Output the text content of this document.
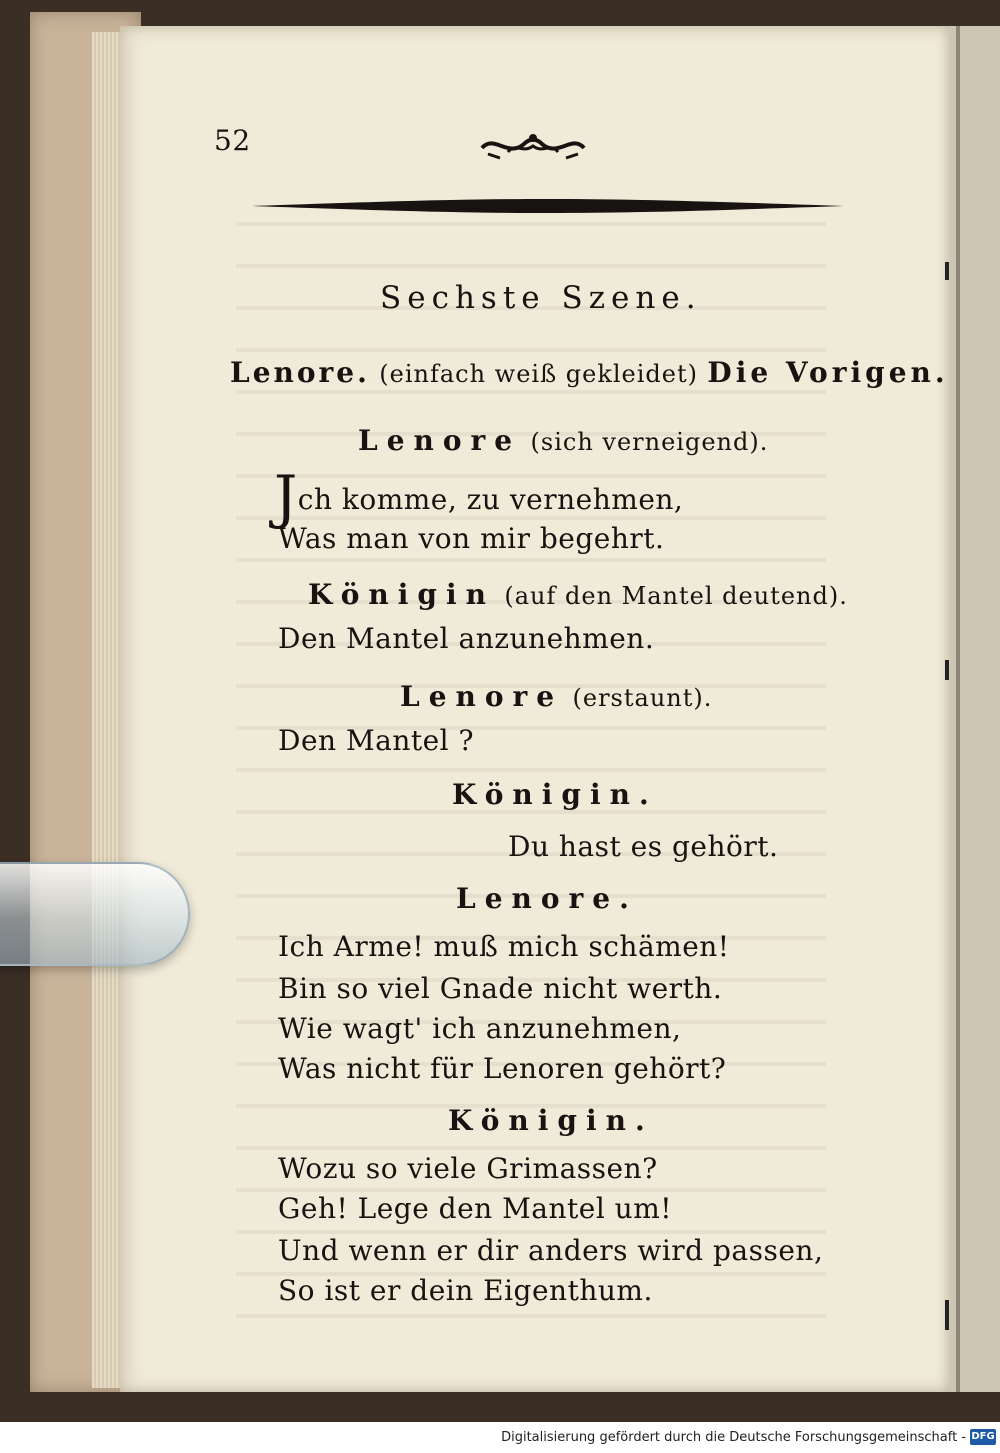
52
Sechste Szene.
Lenore. (einfach weiß gekleidet) Die Vorigen.
Lenore (sich verneigend).
Jch komme, zu vernehmen,
Was man von mir begehrt.
Königin (auf den Mantel deutend).
Den Mantel anzunehmen.
Lenore (erstaunt).
Den Mantel ?
Königin.
Du hast es gehört.
Lenore.
Ich Arme! muß mich schämen!
Bin so viel Gnade nicht werth.
Wie wagt' ich anzunehmen,
Was nicht für Lenoren gehört?
Königin.
Wozu so viele Grimassen?
Geh! Lege den Mantel um!
Und wenn er dir anders wird passen,
So ist er dein Eigenthum.
Digitalisierung gefördert durch die Deutsche Forschungsgemeinschaft - DFG
